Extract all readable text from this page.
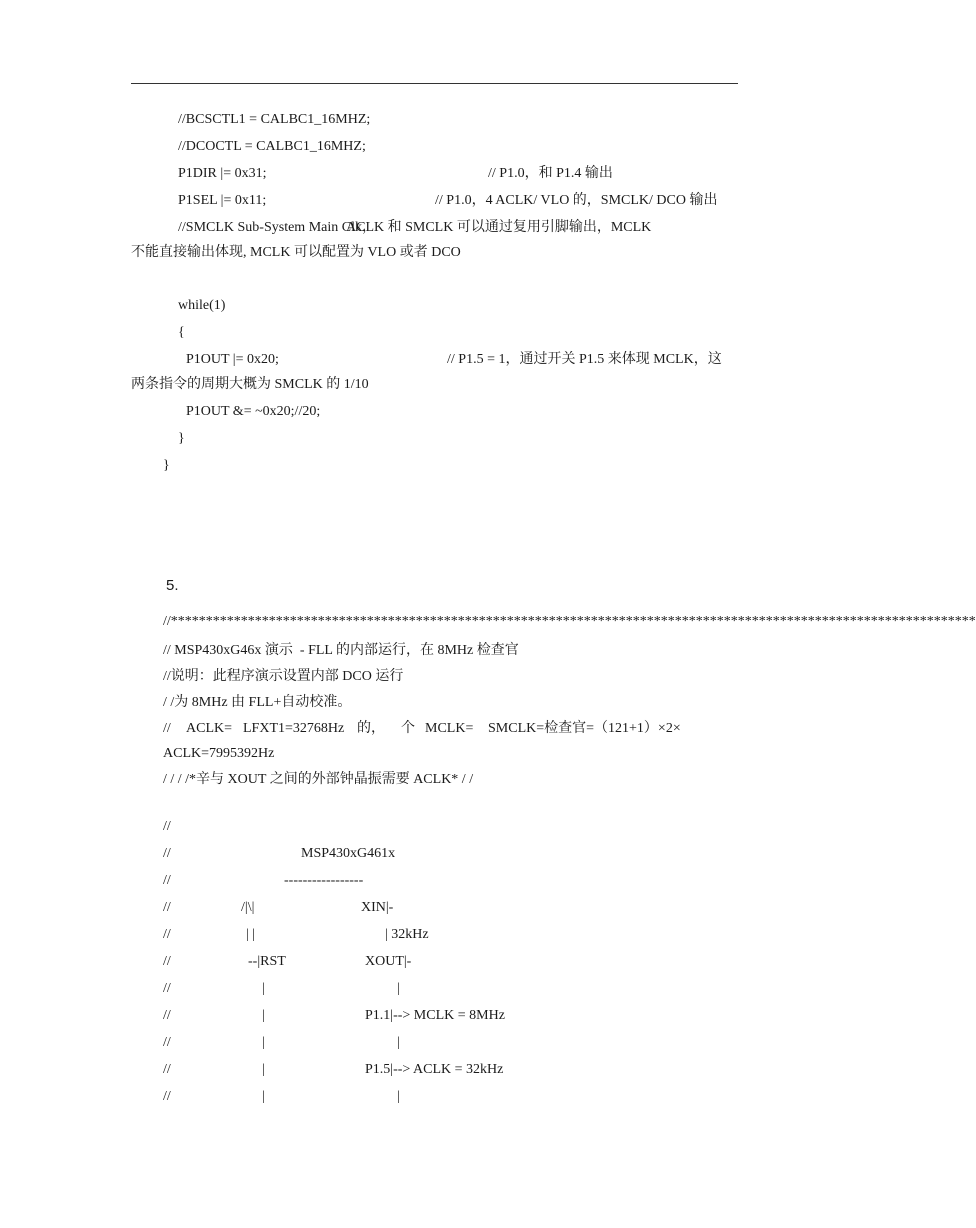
//BCSCTL1 = CALBC1_16MHZ;
//DCOCTL = CALBC1_16MHZ;
P1DIR |= 0x31;	// P1.0，和 P1.4 输出
P1SEL |= 0x11;	// P1.0，4 ACLK/ VLO 的，SMCLK/ DCO 输出
//SMCLK Sub-System Main Clk，
ACLK 和 SMCLK 可以通过复用引脚输出，MCLK
不能直接输出体现, MCLK 可以配置为 VLO 或者 DCO
while(1)
{
P1OUT |= 0x20;	// P1.5 = 1，通过开关 P1.5 来体现 MCLK，这
两条指令的周期大概为 SMCLK 的 1/10
P1OUT &= ~0x20;//20;
}
}
5.
//*******************************************************************************************************************
// MSP430xG46x 演示  - FLL 的内部运行，在 8MHz 检查官
//说明：此程序演示设置内部 DCO 运行
/ /为 8MHz 由 FLL+自动校准。
// ACLK= LFXT1=32768Hz 的， 个 MCLK= SMCLK=检查官=（121+1）×2×
ACLK=7995392Hz
/ / / /*辛与 XOUT 之间的外部钟晶振需要 ACLK* / /
//
//	MSP430xG461x
//	-----------------
//	/|\|	XIN|-
//	| |	| 32kHz
//	--|RST	XOUT|-
//	|	|
//	|	P1.1|--> MCLK = 8MHz
//	|	|
//	|	P1.5|--> ACLK = 32kHz
//	|	|
